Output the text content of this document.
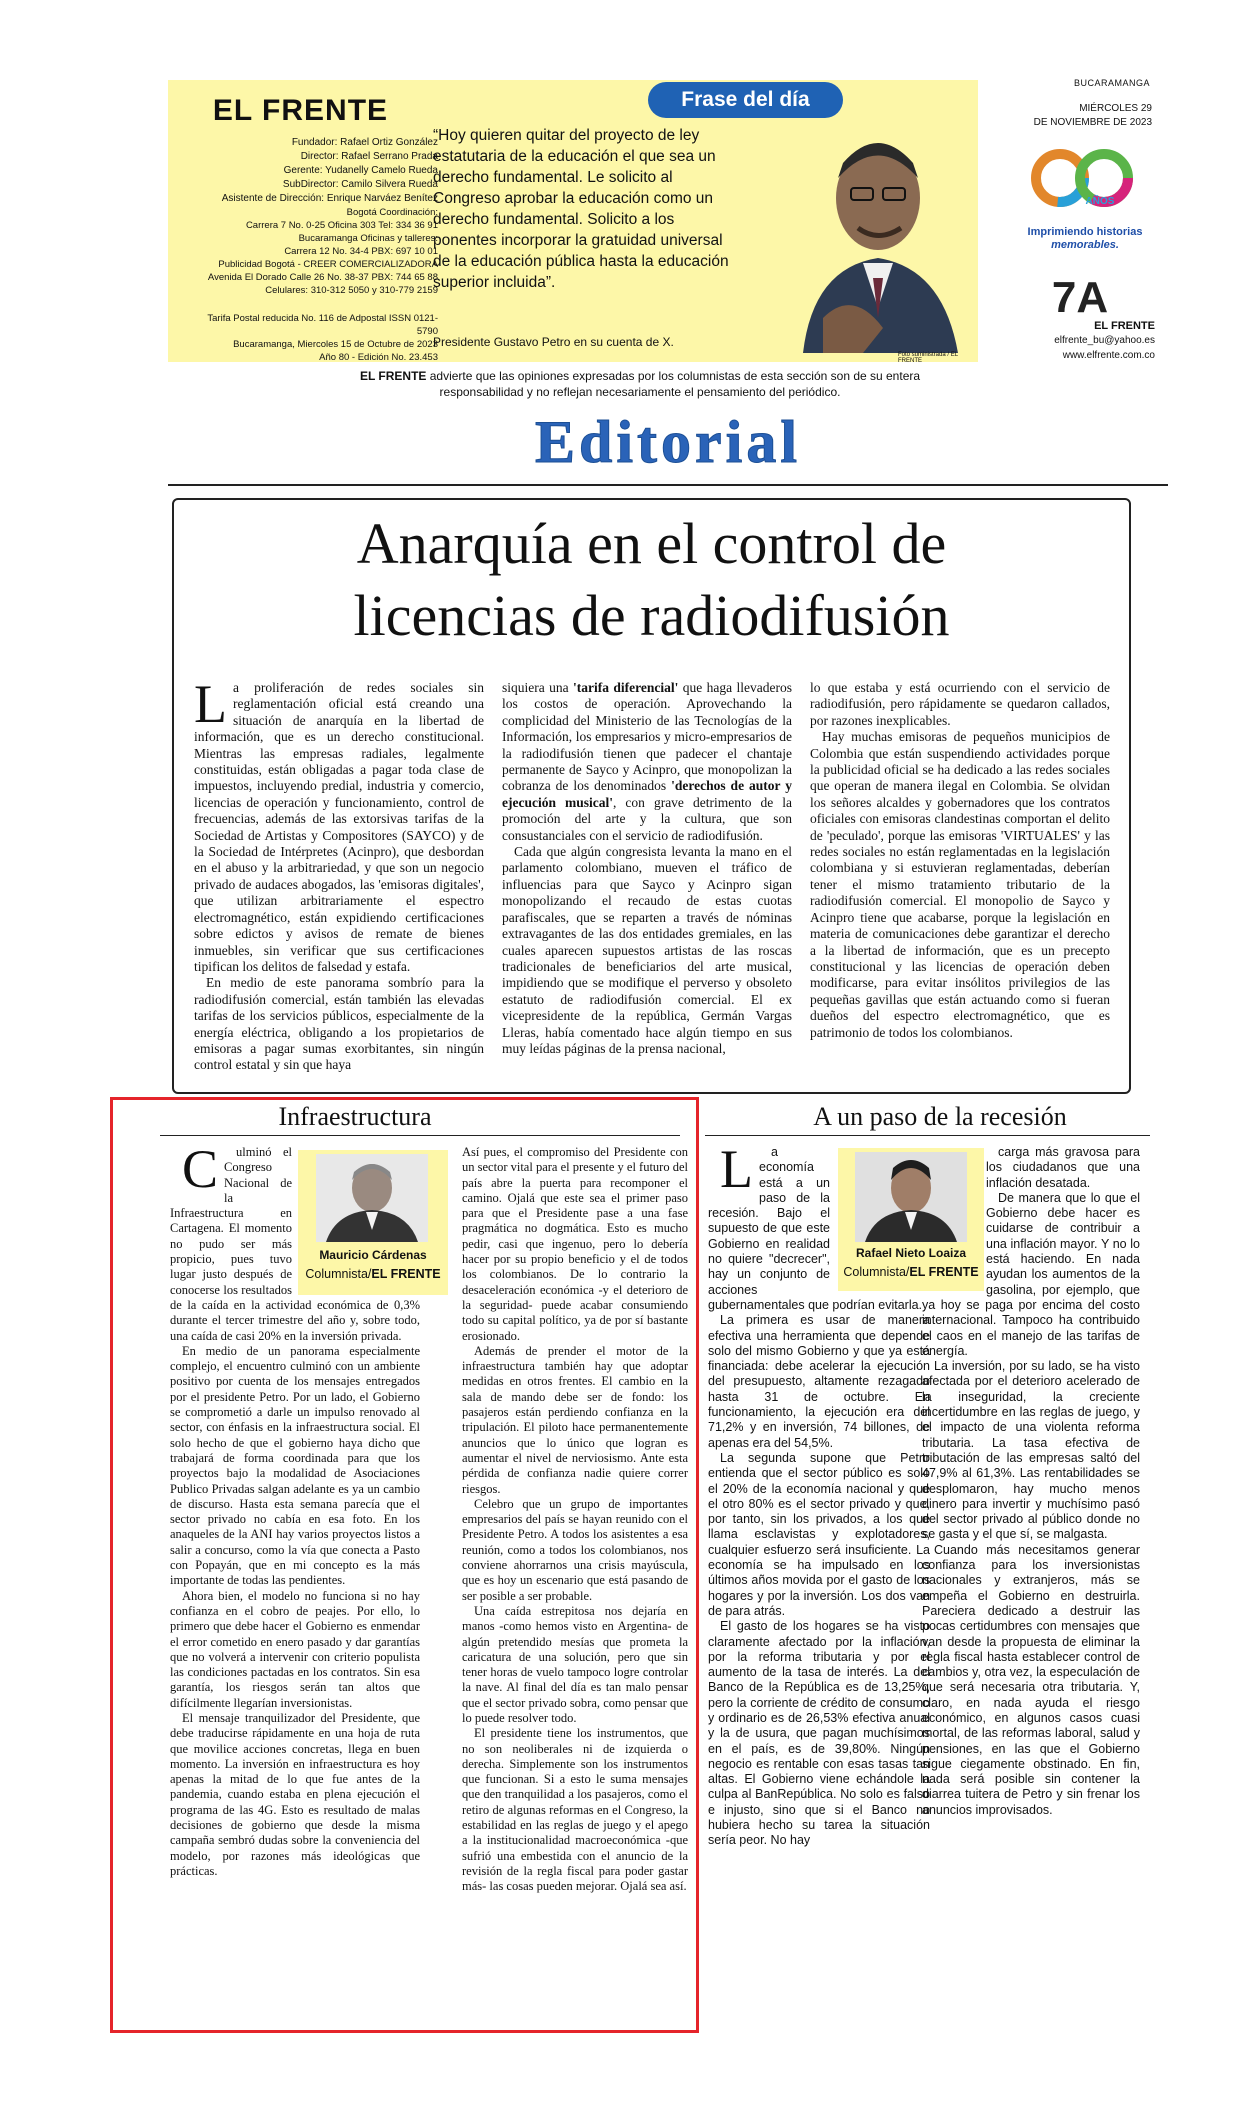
EL FRENTE
Fundador: Rafael Ortiz González
Director: Rafael Serrano Prada
Gerente: Yudanelly Camelo Rueda
SubDirector: Camilo Silvera Rueda
Asistente de Dirección: Enrique Narváez Benítez
Bogotá Coordinación:
Carrera 7 No. 0-25 Oficina 303 Tel: 334 36 91
Bucaramanga Oficinas y talleres:
Carrera 12 No. 34-4 PBX: 697 10 01
Publicidad Bogotá - CREER COMERCIALIZADORA
Avenida El Dorado Calle 26 No. 38-37 PBX: 744 65 88
Celulares: 310-312 5050 y 310-779 2159
Tarifa Postal reducida No. 116 de Adpostal ISSN 0121-5790
Bucaramanga, Miercoles 15 de Octubre de 2023
Año 80 - Edición No. 23.453
Frase del día
“Hoy quieren quitar del proyecto de ley estatutaria de la educación el que sea un derecho fundamental. Le solicito al Congreso aprobar la educación como un derecho fundamental. Solicito a los ponentes incorporar la gratuidad universal de la educación pública hasta la educación superior incluida”.
Presidente Gustavo Petro en su cuenta de X.
Foto suministrada / EL FRENTE
BUCARAMANGA
MIÉRCOLES 29
DE NOVIEMBRE DE 2023
AÑOS
Imprimiendo historias
memorables.
7A
EL FRENTE
elfrente_bu@yahoo.es
www.elfrente.com.co
EL FRENTE advierte que las opiniones expresadas por los columnistas de esta sección son de su entera responsabilidad y no reflejan necesariamente el pensamiento del periódico.
Editorial
Anarquía en el control de
licencias de radiodifusión

La proliferación de redes sociales sin reglamentación oficial está creando una situación de anarquía en la libertad de información, que es un derecho constitucional. Mientras las empresas radiales, legalmente constituidas, están obligadas a pagar toda clase de impuestos, incluyendo predial, industria y comercio, licencias de operación y funcionamiento, control de frecuencias, además de las extorsivas tarifas de la Sociedad de Artistas y Compositores (SAYCO) y de la Sociedad de Intérpretes (Acinpro), que desbordan en el abuso y la arbitrariedad, y que son un negocio privado de audaces abogados, las 'emisoras digitales', que utilizan arbitrariamente el espectro electromagnético, están expidiendo certificaciones sobre edictos y avisos de remate de bienes inmuebles, sin verificar que sus certificaciones tipifican los delitos de falsedad y estafa.

En medio de este panorama sombrío para la radiodifusión comercial, están también las elevadas tarifas de los servicios públicos, especialmente de la energía eléctrica, obligando a los propietarios de emisoras a pagar sumas exorbitantes, sin ningún control estatal y sin que haya

siquiera una 'tarifa diferencial' que haga llevaderos los costos de operación. Aprovechando la complicidad del Ministerio de las Tecnologías de la Información, los empresarios y micro-empresarios de la radiodifusión tienen que padecer el chantaje permanente de Sayco y Acinpro, que monopolizan la cobranza de los denominados 'derechos de autor y ejecución musical', con grave detrimento de la promoción del arte y la cultura, que son consustanciales con el servicio de radiodifusión.

Cada que algún congresista levanta la mano en el parlamento colombiano, mueven el tráfico de influencias para que Sayco y Acinpro sigan monopolizando el recaudo de estas cuotas parafiscales, que se reparten a través de nóminas extravagantes de las dos entidades gremiales, en las cuales aparecen supuestos artistas de las roscas tradicionales de beneficiarios del arte musical, impidiendo que se modifique el perverso y obsoleto estatuto de radiodifusión comercial. El ex vicepresidente de la república, Germán Vargas Lleras, había comentado hace algún tiempo en sus muy leídas páginas de la prensa nacional,

lo que estaba y está ocurriendo con el servicio de radiodifusión, pero rápidamente se quedaron callados, por razones inexplicables.

Hay muchas emisoras de pequeños municipios de Colombia que están suspendiendo actividades porque la publicidad oficial se ha dedicado a las redes sociales que operan de manera ilegal en Colombia. Se olvidan los señores alcaldes y gobernadores que los contratos oficiales con emisoras clandestinas comportan el delito de 'peculado', porque las emisoras 'VIRTUALES' y las redes sociales no están reglamentadas en la legislación colombiana y si estuvieran reglamentadas, deberían tener el mismo tratamiento tributario de la radiodifusión comercial. El monopolio de Sayco y Acinpro tiene que acabarse, porque la legislación en materia de comunicaciones debe garantizar el derecho a la libertad de información, que es un precepto constitucional y las licencias de operación deben modificarse, para evitar insólitos privilegios de las pequeñas gavillas que están actuando como si fueran dueños del espectro electromagnético, que es patrimonio de todos los colombianos.

Infraestructura

C ulminó el Congreso Nacional de la Infraestructura en Cartagena. El momento no pudo ser más propicio, pues tuvo lugar justo después de conocerse los resultados de la caída en la actividad económica de 0,3% durante el tercer trimestre del año y, sobre todo, una caída de casi 20% en la inversión privada.

En medio de un panorama especialmente complejo, el encuentro culminó con un ambiente positivo por cuenta de los mensajes entregados por el presidente Petro. Por un lado, el Gobierno se comprometió a darle un impulso renovado al sector, con énfasis en la infraestructura social. El solo hecho de que el gobierno haya dicho que trabajará de forma coordinada para que los proyectos bajo la modalidad de Asociaciones Publico Privadas salgan adelante es ya un cambio de discurso. Hasta esta semana parecía que el sector privado no cabía en esa foto. En los anaqueles de la ANI hay varios proyectos listos a salir a concurso, como la vía que conecta a Pasto con Popayán, que en mi concepto es la más importante de todas las pendientes.

Ahora bien, el modelo no funciona si no hay confianza en el cobro de peajes. Por ello, lo primero que debe hacer el Gobierno es enmendar el error cometido en enero pasado y dar garantías que no volverá a intervenir con criterio populista las condiciones pactadas en los contratos. Sin esa garantía, los riesgos serán tan altos que difícilmente llegarían inversionistas.

El mensaje tranquilizador del Presidente, que debe traducirse rápidamente en una hoja de ruta que movilice acciones concretas, llega en buen momento. La inversión en infraestructura es hoy apenas la mitad de lo que fue antes de la pandemia, cuando estaba en plena ejecución el programa de las 4G. Esto es resultado de malas decisiones de gobierno que desde la misma campaña sembró dudas sobre la conveniencia del modelo, por razones más ideológicas que prácticas.

Así pues, el compromiso del Presidente con un sector vital para el presente y el futuro del país abre la puerta para recomponer el camino. Ojalá que este sea el primer paso para que el Presidente pase a una fase pragmática no dogmática. Esto es mucho pedir, casi que ingenuo, pero lo debería hacer por su propio beneficio y el de todos los colombianos. De lo contrario la desaceleración económica -y el deterioro de la seguridad- puede acabar consumiendo todo su capital político, ya de por sí bastante erosionado.

Además de prender el motor de la infraestructura también hay que adoptar medidas en otros frentes. El cambio en la sala de mando debe ser de fondo: los pasajeros están perdiendo confianza en la tripulación. El piloto hace permanentemente anuncios que lo único que logran es aumentar el nivel de nerviosismo. Ante esta pérdida de confianza nadie quiere correr riesgos.

Celebro que un grupo de importantes empresarios del país se hayan reunido con el Presidente Petro. A todos los asistentes a esa reunión, como a todos los colombianos, nos conviene ahorrarnos una crisis mayúscula, que es hoy un escenario que está pasando de ser posible a ser probable.

Una caída estrepitosa nos dejaría en manos -como hemos visto en Argentina- de algún pretendido mesías que prometa la caricatura de una solución, pero que sin tener horas de vuelo tampoco logre controlar la nave. Al final del día es tan malo pensar que el sector privado sobra, como pensar que lo puede resolver todo.

El presidente tiene los instrumentos, que no son neoliberales ni de izquierda o derecha. Simplemente son los instrumentos que funcionan. Si a esto le suma mensajes que den tranquilidad a los pasajeros, como el retiro de algunas reformas en el Congreso, la estabilidad en las reglas de juego y el apego a la institucionalidad macroeconómica -que sufrió una embestida con el anuncio de la revisión de la regla fiscal para poder gastar más- las cosas pueden mejorar. Ojalá sea así.

Mauricio Cárdenas
Columnista/EL FRENTE
A un paso de la recesión

L a economía está a un paso de la recesión. Bajo el supuesto de que este Gobierno en realidad no quiere "decrecer", hay un conjunto de acciones gubernamentales que podrían evitarla.

La primera es usar de manera efectiva una herramienta que depende solo del mismo Gobierno y que ya está financiada: debe acelerar la ejecución del presupuesto, altamente rezagado hasta 31 de octubre. En funcionamiento, la ejecución era del 71,2% y en inversión, 74 billones, de apenas era del 54,5%.

La segunda supone que Petro entienda que el sector público es solo el 20% de la economía nacional y que el otro 80% es el sector privado y que, por tanto, sin los privados, a los que llama esclavistas y explotadores, cualquier esfuerzo será insuficiente. La economía se ha impulsado en los últimos años movida por el gasto de los hogares y por la inversión. Los dos van de para atrás.

El gasto de los hogares se ha visto claramente afectado por la inflación, por la reforma tributaria y por el aumento de la tasa de interés. La del Banco de la República es de 13,25%, pero la corriente de crédito de consumo y ordinario es de 26,53% efectiva anual y la de usura, que pagan muchísimos en el país, es de 39,80%. Ningún negocio es rentable con esas tasas tan altas. El Gobierno viene echándole la culpa al BanRepública. No solo es falso e injusto, sino que si el Banco no hubiera hecho su tarea la situación sería peor. No hay

carga más gravosa para los ciudadanos que una inflación desatada.

De manera que lo que el Gobierno debe hacer es cuidarse de contribuir a una inflación mayor. Y no lo está haciendo. En nada ayudan los aumentos de la gasolina, por ejemplo, que ya hoy se paga por encima del costo internacional. Tampoco ha contribuido el caos en el manejo de las tarifas de energía.

La inversión, por su lado, se ha visto afectada por el deterioro acelerado de la inseguridad, la creciente incertidumbre en las reglas de juego, y el impacto de una violenta reforma tributaria. La tasa efectiva de tributación de las empresas saltó del 47,9% al 61,3%. Las rentabilidades se desplomaron, hay mucho menos dinero para invertir y muchísimo pasó del sector privado al público donde no se gasta y el que sí, se malgasta.

Cuando más necesitamos generar confianza para los inversionistas nacionales y extranjeros, más se empeña el Gobierno en destruirla. Pareciera dedicado a destruir las pocas certidumbres con mensajes que van desde la propuesta de eliminar la regla fiscal hasta establecer control de cambios y, otra vez, la especulación de que será necesaria otra tributaria. Y, claro, en nada ayuda el riesgo económico, en algunos casos cuasi mortal, de las reformas laboral, salud y pensiones, en las que el Gobierno sigue ciegamente obstinado. En fin, nada será posible sin contener la diarrea tuitera de Petro y sin frenar los anuncios improvisados.

Rafael Nieto Loaiza
Columnista/EL FRENTE
